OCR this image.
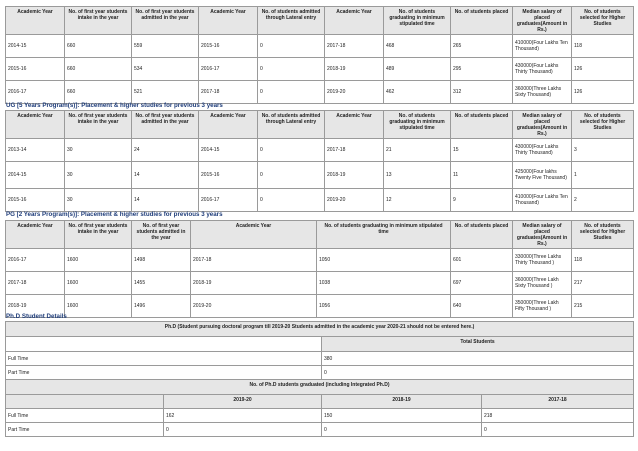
Academic Year	No. of first year students intake in the year	No. of first year students admitted in the year	Academic Year	No. of students admitted through Lateral entry	Academic Year	No. of students graduating in minimum stipulated time	No. of students placed	Median salary of placed graduates(Amount in Rs.)	No. of students selected for Higher Studies
2014-15	660	559	2015-16	0	2017-18	468	265	410000(Four Lakhs Ten Thousand)	118
2015-16	660	534	2016-17	0	2018-19	489	295	430000(Four Lakhs Thirty Thousand)	126
2016-17	660	521	2017-18	0	2019-20	462	312	360000(Three Lakhs Sixty Thousand)	126
UG [5 Years Program(s)]: Placement & higher studies for previous 3 years
Academic Year	No. of first year students intake in the year	No. of first year students admitted in the year	Academic Year	No. of students admitted through Lateral entry	Academic Year	No. of students graduating in minimum stipulated time	No. of students placed	Median salary of placed graduates(Amount in Rs.)	No. of students selected for Higher Studies
2013-14	30	24	2014-15	0	2017-18	21	15	430000(Four Lakhs Thirty Thousand)	3
2014-15	30	14	2015-16	0	2018-19	13	11	425000(Four lakhs Twenty Five Thousand)	1
2015-16	30	14	2016-17	0	2019-20	12	9	410000(Four Lakhs Ten Thousand)	2
PG [2 Years Program(s)]: Placement & higher studies for previous 3 years
Academic Year	No. of first year students intake in the year	No. of first year students admitted in the year	Academic Year	No. of students graduating in minimum stipulated time	No. of students placed	Median salary of placed graduates(Amount in Rs.)	No. of students selected for Higher Studies
2016-17	1600	1498	2017-18	1050	601	330000(Three Lakhs Thirty Thousand )	118
2017-18	1600	1455	2018-19	1038	697	360000(Three Lakh Sixty Thousand )	217
2018-19	1600	1496	2019-20	1056	640	350000(Three Lakh Fifty Thousand )	215
Ph.D Student Details
Ph.D (Student pursuing doctoral program till 2019-20 Students admitted in the academic year 2020-21 should not be entered here.)			
		Total Students	
Full Time		380	
Part Time		0	
No. of Ph.D students graduated (including Integrated Ph.D)			
	2019-20	2018-19	2017-18
Full Time	162	150	218
Part Time	0	0	0
